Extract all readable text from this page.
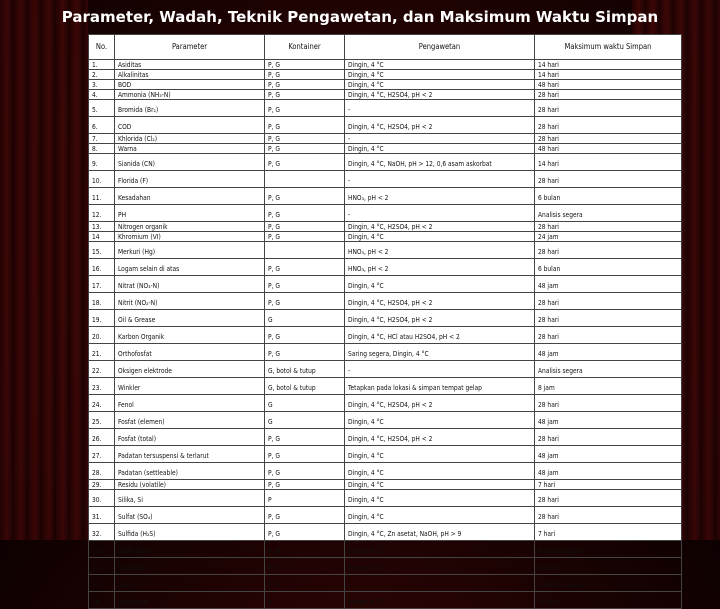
Parameter, Wadah, Teknik Pengawetan, dan Maksimum Waktu Simpan
No.	Parameter	Kontainer	Pengawetan	Maksimum waktu Simpan
1.	Asiditas	P, G	Dingin, 4 °C	14 hari
2.	Alkalinitas	P, G	Dingin, 4 °C	14 hari
3.	BOD	P, G	Dingin, 4 °C	48 hari
4.	Ammonia (NH₃-N)	P, G	Dingin, 4 °C, H2SO4, pH < 2	28 hari
5.	Bromida (Br₂)	P, G	-	28 hari
6.	COD	P, G	Dingin, 4 °C, H2SO4, pH < 2	28 hari
7.	Khlorida (Cl₂)	P, G	-	28 hari
8.	Warna	P, G	Dingin, 4 °C	48 hari
9.	Sianida (CN)	P, G	Dingin, 4 °C, NaOH, pH > 12, 0,6 asam askorbat	14 hari
10.	Florida (F)		-	28 hari
11.	Kesadahan	P, G	HNO₃, pH < 2	6 bulan
12.	PH	P, G	-	Analisis segera
13.	Nitrogen organik	P, G	Dingin, 4 °C, H2SO4, pH < 2	28 hari
14	Khromium (VI)	P, G	Dingin, 4 °C	24 jam
15.	Merkuri (Hg)		HNO₃, pH < 2	28 hari
16.	Logam selain di atas	P, G	HNO₃, pH < 2	6 bulan
17.	Nitrat (NO₃-N)	P, G	Dingin, 4 °C	48 jam
18.	Nitrit (NO₂-N)	P, G	Dingin, 4 °C, H2SO4, pH < 2	28 hari
19.	Oil & Grease	G	Dingin, 4 °C, H2SO4, pH < 2	28 hari
20.	Karbon Organik	P, G	Dingin, 4 °C, HCl atau H2SO4, pH < 2	28 hari
21.	Orthofosfat	P, G	Saring segera, Dingin, 4 °C	48 jam
22.	Oksigen elektrode	G, botol & tutup	-	Analisis segera
23.	Winkler	G, botol & tutup	Tetapkan pada lokasi & simpan tempat gelap	8 jam
24.	Fenol	G	Dingin, 4 °C, H2SO4, pH < 2	28 hari
25.	Fosfat (elemen)	G	Dingin, 4 °C	48 jam
26.	Fosfat (total)	P, G	Dingin, 4 °C, H2SO4, pH < 2	28 hari
27.	Padatan tersuspensi & terlarut	P, G	Dingin, 4 °C	48 jam
28.	Padatan (settleable)	P, G	Dingin, 4 °C	48 jam
29.	Residu (volatile)	P, G	Dingin, 4 °C	7 hari
30.	Silika, Si	P	Dingin, 4 °C	28 hari
31.	Sulfat (SO₄)	P, G	Dingin, 4 °C	28 hari
32.	Sulfida (H₂S)	P, G	Dingin, 4 °C, Zn asetat, NaOH, pH > 9	7 hari
33.	Sulfit (SO₃)	P, G	Dingin, 4 °C	Analisis segera
34.	Surfaktan	P, G	Dingin, 4 °C	48 jam
35.	Suhu	P, G	-	Analisis segera
36.	Kekeruhan	P	Dingin, 4 °C	48 jam
